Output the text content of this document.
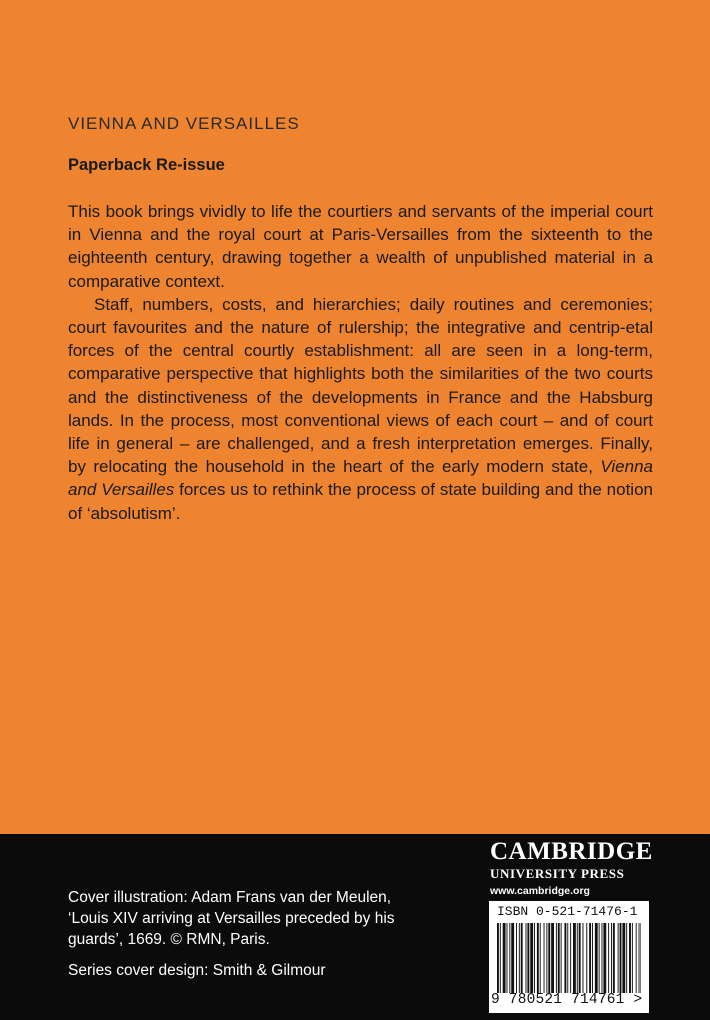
VIENNA AND VERSAILLES
Paperback Re-issue

This book brings vividly to life the courtiers and servants of the imperial court in Vienna and the royal court at Paris-Versailles from the sixteenth to the eighteenth century, drawing together a wealth of unpublished material in a comparative context.

Staff, numbers, costs, and hierarchies; daily routines and ceremonies; court favourites and the nature of rulership; the integrative and centrip-etal forces of the central courtly establishment: all are seen in a long-term, comparative perspective that highlights both the similarities of the two courts and the distinctiveness of the developments in France and the Habsburg lands. In the process, most conventional views of each court – and of court life in general – are challenged, and a fresh interpretation emerges. Finally, by relocating the household in the heart of the early modern state, Vienna and Versailles forces us to rethink the process of state building and the notion of ‘absolutism’.

Cover illustration: Adam Frans van der Meulen, ‘Louis XIV arriving at Versailles preceded by his guards’, 1669. © RMN, Paris.
Series cover design: Smith & Gilmour
CAMBRIDGE
UNIVERSITY PRESS
www.cambridge.org
ISBN 0-521-71476-1
9 780521 714761 >
